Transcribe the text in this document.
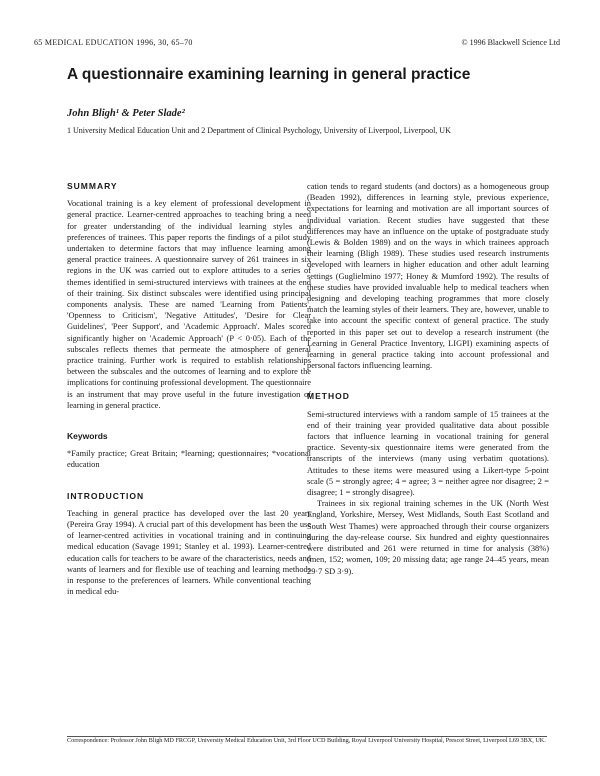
65 MEDICAL EDUCATION 1996, 30, 65–70	© 1996 Blackwell Science Ltd
A questionnaire examining learning in general practice
John Bligh¹ & Peter Slade²
1 University Medical Education Unit and 2 Department of Clinical Psychology, University of Liverpool, Liverpool, UK
SUMMARY

Vocational training is a key element of professional development in general practice. Learner-centred approaches to teaching bring a need for greater understanding of the individual learning styles and preferences of trainees. This paper reports the findings of a pilot study undertaken to determine factors that may influence learning among general practice trainees. A questionnaire survey of 261 trainees in six regions in the UK was carried out to explore attitudes to a series of themes identified in semi-structured interviews with trainees at the end of their training. Six distinct subscales were identified using principal components analysis. These are named 'Learning from Patients', 'Openness to Criticism', 'Negative Attitudes', 'Desire for Clear Guidelines', 'Peer Support', and 'Academic Approach'. Males scored significantly higher on 'Academic Approach' (P < 0·05). Each of the subscales reflects themes that permeate the atmosphere of general practice training. Further work is required to establish relationships between the subscales and the outcomes of learning and to explore the implications for continuing professional development. The questionnaire is an instrument that may prove useful in the future investigation of learning in general practice.

Keywords

*Family practice; Great Britain; *learning; questionnaires; *vocational education

INTRODUCTION

Teaching in general practice has developed over the last 20 years (Pereira Gray 1994). A crucial part of this development has been the use of learner-centred activities in vocational training and in continuing medical education (Savage 1991; Stanley et al. 1993). Learner-centred education calls for teachers to be aware of the characteristics, needs and wants of learners and for flexible use of teaching and learning methods in response to the preferences of learners. While conventional teaching in medical edu-

cation tends to regard students (and doctors) as a homogeneous group (Beaden 1992), differences in learning style, previous experience, expectations for learning and motivation are all important sources of individual variation. Recent studies have suggested that these differences may have an influence on the uptake of postgraduate study (Lewis & Bolden 1989) and on the ways in which trainees approach their learning (Bligh 1989). These studies used research instruments developed with learners in higher education and other adult learning settings (Guglielmino 1977; Honey & Mumford 1992). The results of these studies have provided invaluable help to medical teachers when designing and developing teaching programmes that more closely match the learning styles of their learners. They are, however, unable to take into account the specific context of general practice. The study reported in this paper set out to develop a research instrument (the Learning in General Practice Inventory, LIGPI) examining aspects of learning in general practice taking into account professional and personal factors influencing learning.

METHOD

Semi-structured interviews with a random sample of 15 trainees at the end of their training year provided qualitative data about possible factors that influence learning in vocational training for general practice. Seventy-six questionnaire items were generated from the transcripts of the interviews (many using verbatim quotations). Attitudes to these items were measured using a Likert-type 5-point scale (5 = strongly agree; 4 = agree; 3 = neither agree nor disagree; 2 = disagree; 1 = strongly disagree).

Trainees in six regional training schemes in the UK (North West England, Yorkshire, Mersey, West Midlands, South East Scotland and South West Thames) were approached through their course organizers during the day-release course. Six hundred and eighty questionnaires were distributed and 261 were returned in time for analysis (38%) (men, 152; women, 109; 20 missing data; age range 24–45 years, mean 29·7 SD 3·9).

Correspondence: Professor John Bligh MD FRCGP, University Medical Education Unit, 3rd Floor UCD Building, Royal Liverpool University Hospital, Prescot Street, Liverpool L69 3BX, UK.
